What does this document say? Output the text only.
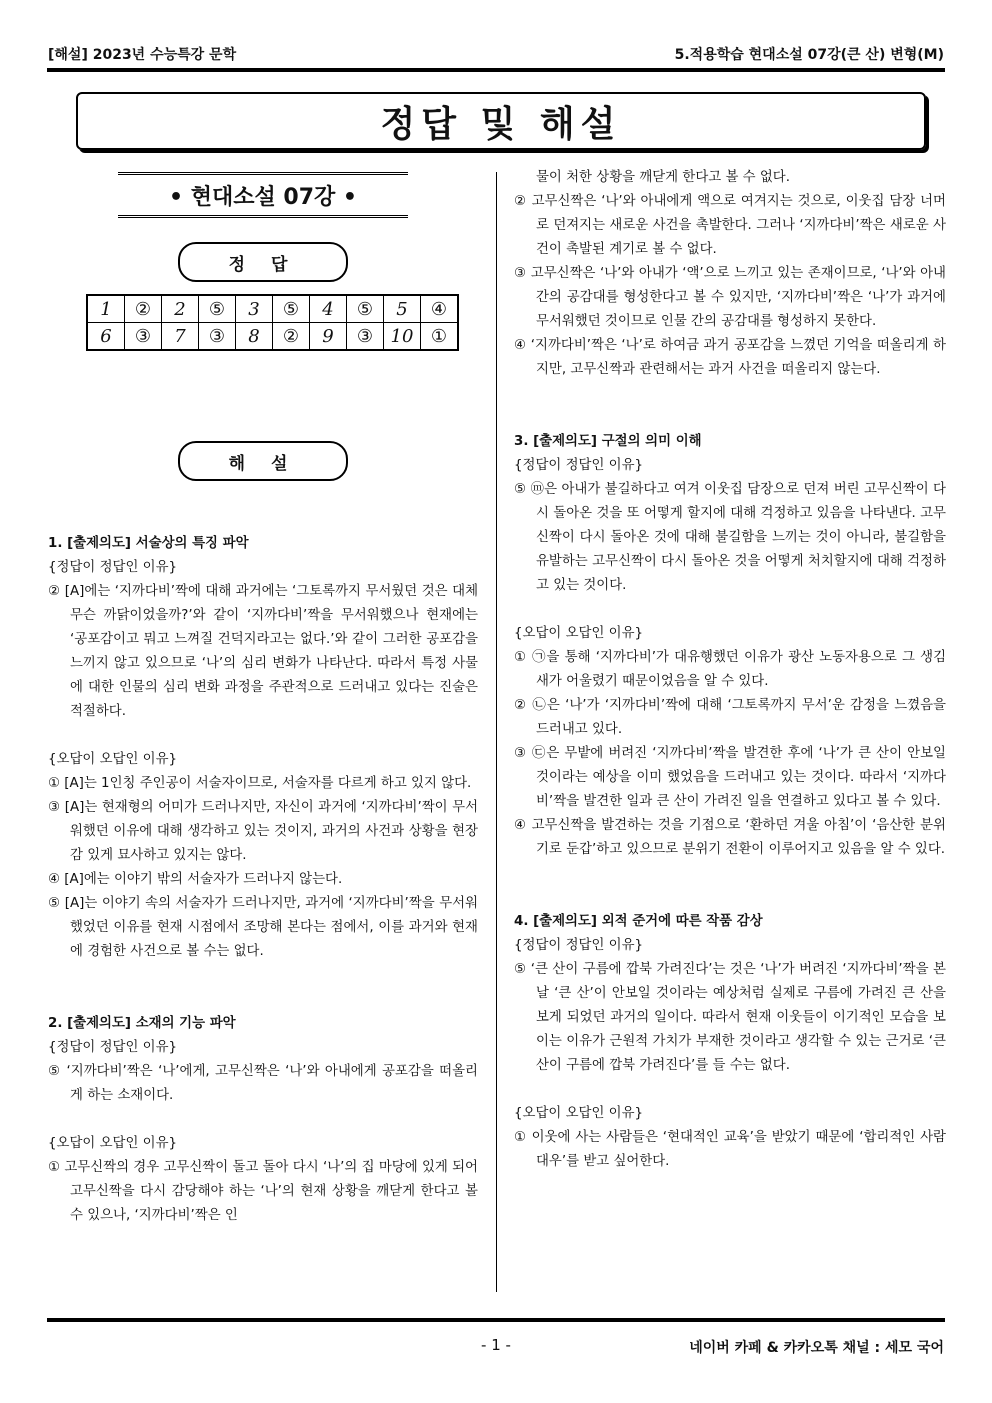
[해설] 2023년 수능특강 문학	5.적용학습 현대소설 07강(큰 산) 변형(M)
정답 및 해설
• 현대소설 07강 •
정 답
1	②	2	⑤	3	⑤	4	⑤	5	④
6	③	7	③	8	②	9	③	10	①
해 설
1. [출제의도] 서술상의 특징 파악
{정답이 정답인 이유}
② [A]에는 ‘지까다비’짝에 대해 과거에는 ‘그토록까지 무서웠던 것은 대체 무슨 까닭이었을까?’와 같이 ‘지까다비’짝을 무서워했으나 현재에는 ‘공포감이고 뭐고 느껴질 건덕지라고는 없다.’와 같이 그러한 공포감을 느끼지 않고 있으므로 ‘나’의 심리 변화가 나타난다. 따라서 특정 사물에 대한 인물의 심리 변화 과정을 주관적으로 드러내고 있다는 진술은 적절하다.
{오답이 오답인 이유}
① [A]는 1인칭 주인공이 서술자이므로, 서술자를 다르게 하고 있지 않다.
③ [A]는 현재형의 어미가 드러나지만, 자신이 과거에 ‘지까다비’짝이 무서워했던 이유에 대해 생각하고 있는 것이지, 과거의 사건과 상황을 현장감 있게 묘사하고 있지는 않다.
④ [A]에는 이야기 밖의 서술자가 드러나지 않는다.
⑤ [A]는 이야기 속의 서술자가 드러나지만, 과거에 ‘지까다비’짝을 무서워했었던 이유를 현재 시점에서 조망해 본다는 점에서, 이를 과거와 현재에 경험한 사건으로 볼 수는 없다.
2. [출제의도] 소재의 기능 파악
{정답이 정답인 이유}
⑤ ‘지까다비’짝은 ‘나’에게, 고무신짝은 ‘나’와 아내에게 공포감을 떠올리게 하는 소재이다.
{오답이 오답인 이유}
① 고무신짝의 경우 고무신짝이 돌고 돌아 다시 ‘나’의 집 마당에 있게 되어 고무신짝을 다시 감당해야 하는 ‘나’의 현재 상황을 깨닫게 한다고 볼 수 있으나, ‘지까다비’짝은 인
물이 처한 상황을 깨닫게 한다고 볼 수 없다.
② 고무신짝은 ‘나’와 아내에게 액으로 여겨지는 것으로, 이웃집 담장 너머로 던져지는 새로운 사건을 촉발한다. 그러나 ‘지까다비’짝은 새로운 사건이 촉발된 계기로 볼 수 없다.
③ 고무신짝은 ‘나’와 아내가 ‘액’으로 느끼고 있는 존재이므로, ‘나’와 아내 간의 공감대를 형성한다고 볼 수 있지만, ‘지까다비’짝은 ‘나’가 과거에 무서워했던 것이므로 인물 간의 공감대를 형성하지 못한다.
④ ‘지까다비’짝은 ‘나’로 하여금 과거 공포감을 느꼈던 기억을 떠올리게 하지만, 고무신짝과 관련해서는 과거 사건을 떠올리지 않는다.
3. [출제의도] 구절의 의미 이해
{정답이 정답인 이유}
⑤ ⓜ은 아내가 불길하다고 여겨 이웃집 담장으로 던져 버린 고무신짝이 다시 돌아온 것을 또 어떻게 할지에 대해 걱정하고 있음을 나타낸다. 고무신짝이 다시 돌아온 것에 대해 불길함을 느끼는 것이 아니라, 불길함을 유발하는 고무신짝이 다시 돌아온 것을 어떻게 처치할지에 대해 걱정하고 있는 것이다.
{오답이 오답인 이유}
① ㉠을 통해 ‘지까다비’가 대유행했던 이유가 광산 노동자용으로 그 생김새가 어울렸기 때문이었음을 알 수 있다.
② ㉡은 ‘나’가 ‘지까다비’짝에 대해 ‘그토록까지 무서’운 감정을 느꼈음을 드러내고 있다.
③ ㉢은 무밭에 버려진 ‘지까다비’짝을 발견한 후에 ‘나’가 큰 산이 안보일 것이라는 예상을 이미 했었음을 드러내고 있는 것이다. 따라서 ‘지까다비’짝을 발견한 일과 큰 산이 가려진 일을 연결하고 있다고 볼 수 있다.
④ 고무신짝을 발견하는 것을 기점으로 ‘환하던 겨울 아침’이 ‘음산한 분위기로 둔갑’하고 있으므로 분위기 전환이 이루어지고 있음을 알 수 있다.
4. [출제의도] 외적 준거에 따른 작품 감상
{정답이 정답인 이유}
⑤ ‘큰 산이 구름에 깝북 가려진다’는 것은 ‘나’가 버려진 ‘지까다비’짝을 본 날 ‘큰 산’이 안보일 것이라는 예상처럼 실제로 구름에 가려진 큰 산을 보게 되었던 과거의 일이다. 따라서 현재 이웃들이 이기적인 모습을 보이는 이유가 근원적 가치가 부재한 것이라고 생각할 수 있는 근거로 ‘큰 산이 구름에 깝북 가려진다’를 들 수는 없다.
{오답이 오답인 이유}
① 이웃에 사는 사람들은 ‘현대적인 교육’을 받았기 때문에 ‘합리적인 사람대우’를 받고 싶어한다.
- 1 -	네이버 카페 & 카카오톡 채널 : 세모 국어
